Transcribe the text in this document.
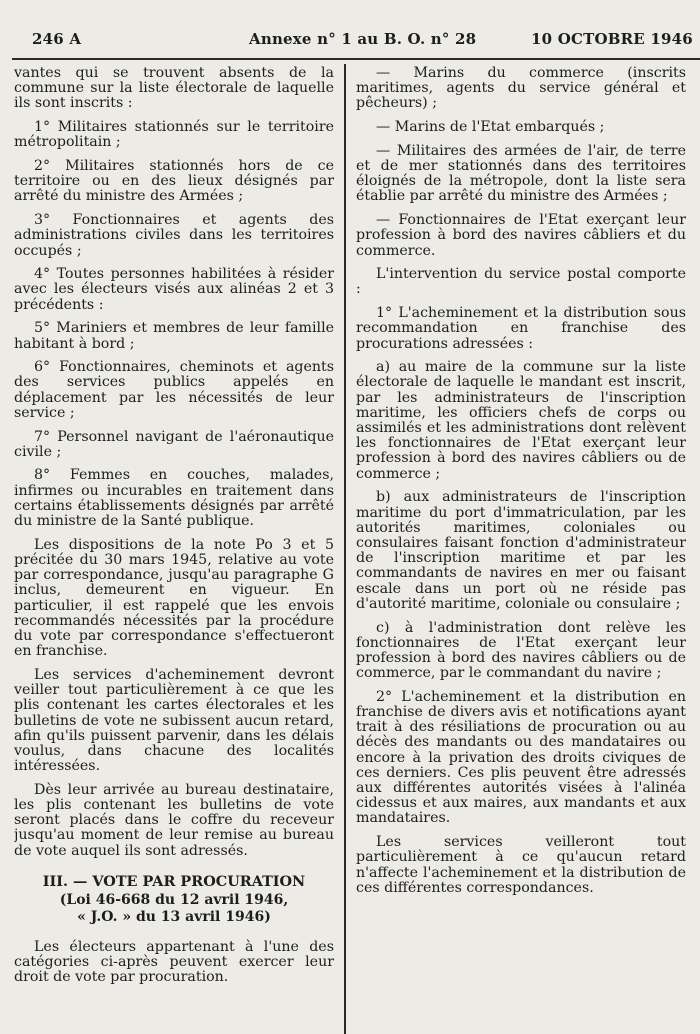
246 A	Annexe n° 1 au B. O. n° 28	10 OCTOBRE 1946

vantes qui se trouvent absents de la commune sur la liste électorale de laquelle ils sont inscrits :

1° Militaires stationnés sur le territoire métropolitain ;

2° Militaires stationnés hors de ce territoire ou en des lieux désignés par arrêté du ministre des Armées ;

3° Fonctionnaires et agents des administrations civiles dans les territoires occupés ;

4° Toutes personnes habilitées à résider avec les électeurs visés aux alinéas 2 et 3 précédents :

5° Mariniers et membres de leur famille habitant à bord ;

6° Fonctionnaires, cheminots et agents des services publics appelés en déplacement par les nécessités de leur service ;

7° Personnel navigant de l'aéronautique civile ;

8° Femmes en couches, malades, infirmes ou incurables en traitement dans certains établissements désignés par arrêté du ministre de la Santé publique.

Les dispositions de la note Po 3 et 5 précitée du 30 mars 1945, relative au vote par correspondance, jusqu'au paragraphe G inclus, demeurent en vigueur. En particulier, il est rappelé que les envois recommandés nécessités par la procédure du vote par correspondance s'effectueront en franchise.

Les services d'acheminement devront veiller tout particulièrement à ce que les plis contenant les cartes électorales et les bulletins de vote ne subissent aucun retard, afin qu'ils puissent parvenir, dans les délais voulus, dans chacune des localités intéressées.

Dès leur arrivée au bureau destinataire, les plis contenant les bulletins de vote seront placés dans le coffre du receveur jusqu'au moment de leur remise au bureau de vote auquel ils sont adressés.

III. — VOTE PAR PROCURATION

(Loi 46-668 du 12 avril 1946,

« J.O. » du 13 avril 1946)

Les électeurs appartenant à l'une des catégories ci-après peuvent exercer leur droit de vote par procuration.

— Marins du commerce (inscrits maritimes, agents du service général et pêcheurs) ;

— Marins de l'Etat embarqués ;

— Militaires des armées de l'air, de terre et de mer stationnés dans des territoires éloignés de la métropole, dont la liste sera établie par arrêté du ministre des Armées ;

— Fonctionnaires de l'Etat exerçant leur profession à bord des navires câbliers et du commerce.

L'intervention du service postal comporte :

1° L'acheminement et la distribution sous recommandation en franchise des procurations adressées :

a) au maire de la commune sur la liste électorale de laquelle le mandant est inscrit, par les administrateurs de l'inscription maritime, les officiers chefs de corps ou assimilés et les administrations dont relèvent les fonctionnaires de l'Etat exerçant leur profession à bord des navires câbliers ou de commerce ;

b) aux administrateurs de l'inscription maritime du port d'immatriculation, par les autorités maritimes, coloniales ou consulaires faisant fonction d'administrateur de l'inscription maritime et par les commandants de navires en mer ou faisant escale dans un port où ne réside pas d'autorité maritime, coloniale ou consulaire ;

c) à l'administration dont relève les fonctionnaires de l'Etat exerçant leur profession à bord des navires câbliers ou de commerce, par le commandant du navire ;

2° L'acheminement et la distribution en franchise de divers avis et notifications ayant trait à des résiliations de procuration ou au décès des mandants ou des mandataires ou encore à la privation des droits civiques de ces derniers. Ces plis peuvent être adressés aux différentes autorités visées à l'alinéa cidessus et aux maires, aux mandants et aux mandataires.

Les services veilleront tout particulièrement à ce qu'aucun retard n'affecte l'acheminement et la distribution de ces différentes correspondances.
